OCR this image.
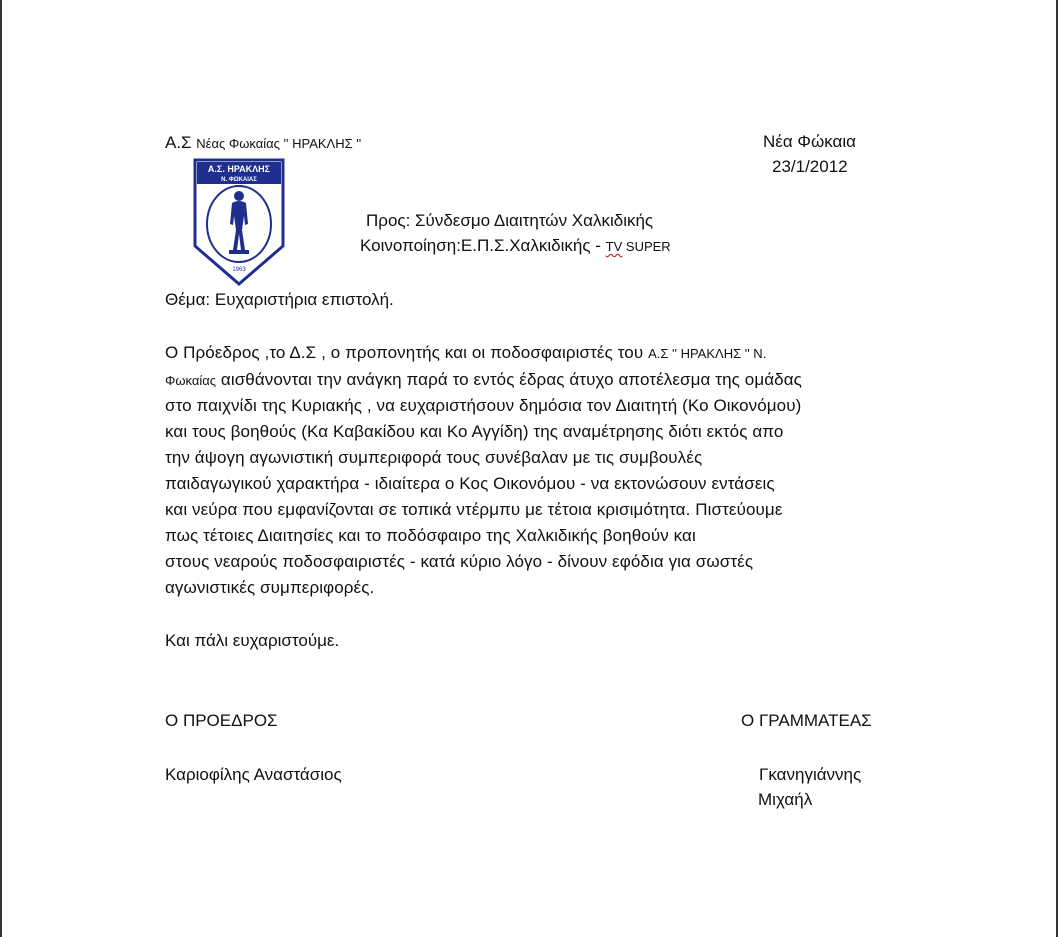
Α.Σ Νέας Φωκαίας '' ΗΡΑΚΛΗΣ ''	Νέα Φώκαια
23/1/2012
Α.Σ. ΗΡΑΚΛΗΣ
Ν. ΦΩΚΑΙΑΣ
1963
Προς: Σύνδεσμο Διαιτητών Χαλκιδικής
Κοινοποίηση:Ε.Π.Σ.Χαλκιδικής - TV SUPER
Θέμα: Ευχαριστήρια επιστολή.
Ο Πρόεδρος ,το Δ.Σ , ο προπονητής και οι ποδοσφαιριστές του Α.Σ '' ΗΡΑΚΛΗΣ '' Ν.
Φωκαίας αισθάνονται την ανάγκη παρά το εντός έδρας άτυχο αποτέλεσμα της ομάδας
στο παιχνίδι της Κυριακής , να ευχαριστήσουν δημόσια τον Διαιτητή (Κο Οικονόμου)
και τους βοηθούς (Κα Καβακίδου και Κο Αγγίδη) της αναμέτρησης διότι εκτός απο
την άψογη αγωνιστική συμπεριφορά τους συνέβαλαν με τις συμβουλές
παιδαγωγικού χαρακτήρα - ιδιαίτερα ο Κος Οικονόμου - να εκτονώσουν εντάσεις
και νεύρα που εμφανίζονται σε τοπικά ντέρμπυ με τέτοια κρισιμότητα. Πιστεύουμε
πως τέτοιες Διαιτησίες και το ποδόσφαιρο της Χαλκιδικής βοηθούν και
στους νεαρούς ποδοσφαιριστές - κατά κύριο λόγο - δίνουν εφόδια για σωστές
αγωνιστικές συμπεριφορές.
Και πάλι ευχαριστούμε.
Ο ΠΡΟΕΔΡΟΣ	Ο ΓΡΑΜΜΑΤΕΑΣ
Καριοφίλης Αναστάσιος	Γκανηγιάννης
Μιχαήλ
